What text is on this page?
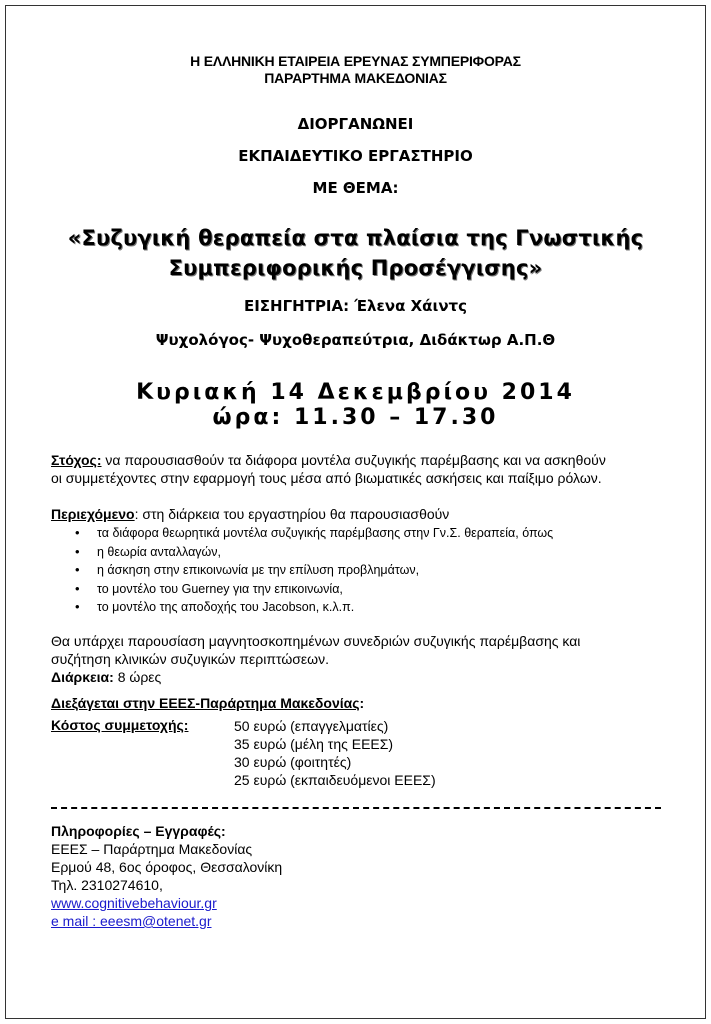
Η ΕΛΛΗΝΙΚΗ ΕΤΑΙΡΕΙΑ ΕΡΕΥΝΑΣ ΣΥΜΠΕΡΙΦΟΡΑΣ
ΠΑΡΑΡΤΗΜΑ ΜΑΚΕΔΟΝΙΑΣ
ΔΙΟΡΓΑΝΩΝΕΙ
ΕΚΠΑΙΔΕΥΤΙΚΟ ΕΡΓΑΣΤΗΡΙΟ
ΜΕ ΘΕΜΑ:
«Συζυγική θεραπεία στα πλαίσια της Γνωστικής
Συμπεριφορικής Προσέγγισης»
ΕΙΣΗΓΗΤΡΙΑ: Έλενα Χάιντς
Ψυχολόγος- Ψυχοθεραπεύτρια, Διδάκτωρ Α.Π.Θ
Κυριακή 14 Δεκεμβρίου 2014
ώρα: 11.30 – 17.30
Στόχος: να παρουσιασθούν τα διάφορα μοντέλα συζυγικής παρέμβασης και να ασκηθούν
οι συμμετέχοντες στην εφαρμογή τους μέσα από βιωματικές ασκήσεις και παίξιμο ρόλων.
Περιεχόμενο: στη διάρκεια του εργαστηρίου θα παρουσιασθούν
• τα διάφορα θεωρητικά μοντέλα συζυγικής παρέμβασης στην Γν.Σ. θεραπεία, όπως
• η θεωρία ανταλλαγών,
• η άσκηση στην επικοινωνία με την επίλυση προβλημάτων,
• το μοντέλο του Guerney για την επικοινωνία,
• το μοντέλο της αποδοχής του Jacobson, κ.λ.π.
Θα υπάρχει παρουσίαση μαγνητοσκοπημένων συνεδριών συζυγικής παρέμβασης και
συζήτηση κλινικών συζυγικών περιπτώσεων.
Διάρκεια: 8 ώρες
Διεξάγεται στην ΕΕΕΣ-Παράρτημα Μακεδονίας:
Κόστος συμμετοχής:	50 ευρώ (επαγγελματίες)
35 ευρώ (μέλη της ΕΕΕΣ)
30 ευρώ (φοιτητές)
25 ευρώ (εκπαιδευόμενοι ΕΕΕΣ)
Πληροφορίες – Εγγραφές:
ΕΕΕΣ – Παράρτημα Μακεδονίας
Ερμού 48, 6ος όροφος, Θεσσαλονίκη
Τηλ. 2310274610,
www.cognitivebehaviour.gr
e mail : eeesm@otenet.gr
